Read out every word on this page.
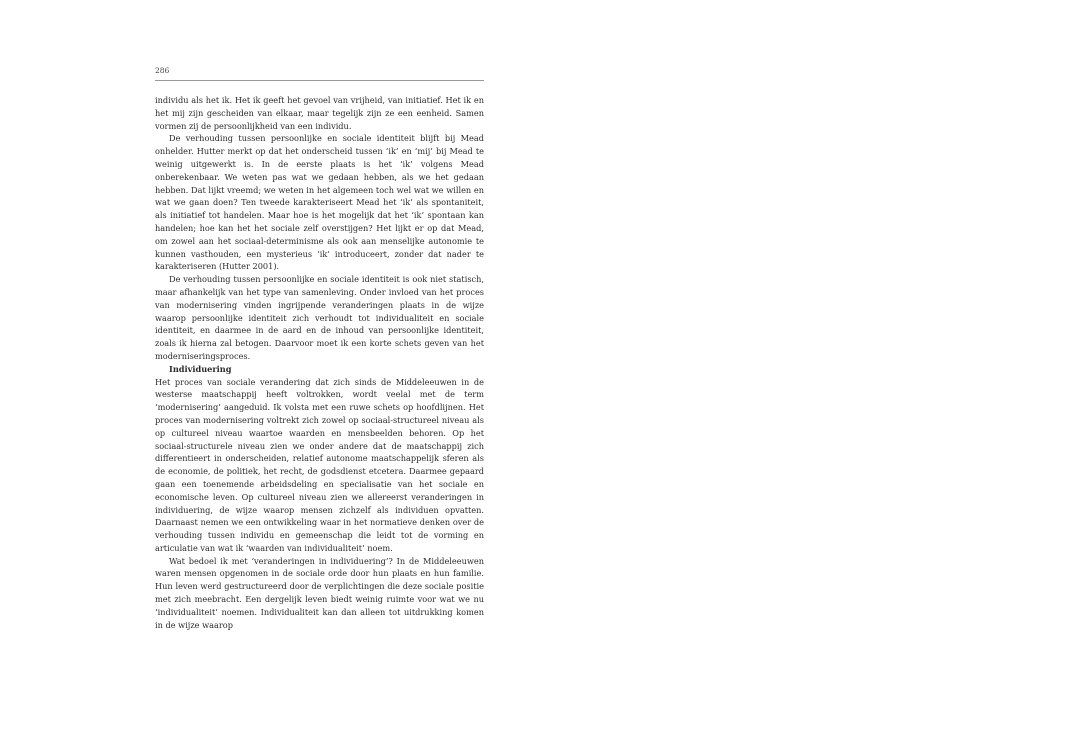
286

individu als het ik. Het ik geeft het gevoel van vrijheid, van initiatief. Het ik en het mij zijn gescheiden van elkaar, maar tegelijk zijn ze een eenheid. Samen vormen zij de persoonlijkheid van een individu.

De verhouding tussen persoonlijke en sociale identiteit blijft bij Mead onhelder. Hutter merkt op dat het onderscheid tussen ‘ik’ en ‘mij’ bij Mead te weinig uitgewerkt is. In de eerste plaats is het ‘ik’ volgens Mead onberekenbaar. We weten pas wat we gedaan hebben, als we het gedaan hebben. Dat lijkt vreemd; we weten in het algemeen toch wel wat we willen en wat we gaan doen? Ten tweede karakteriseert Mead het ‘ik’ als spontaniteit, als initiatief tot handelen. Maar hoe is het mogelijk dat het ‘ik’ spontaan kan handelen; hoe kan het het sociale zelf overstijgen? Het lijkt er op dat Mead, om zowel aan het sociaal-determinisme als ook aan menselijke autonomie te kunnen vasthouden, een mysterieus ‘ik’ introduceert, zonder dat nader te karakteriseren (Hutter 2001).

De verhouding tussen persoonlijke en sociale identiteit is ook niet statisch, maar afhankelijk van het type van samenleving. Onder invloed van het proces van modernisering vinden ingrijpende veranderingen plaats in de wijze waarop persoonlijke identiteit zich verhoudt tot individualiteit en sociale identiteit, en daarmee in de aard en de inhoud van persoonlijke identiteit, zoals ik hierna zal betogen. Daarvoor moet ik een korte schets geven van het moderniseringsproces.

Individuering

Het proces van sociale verandering dat zich sinds de Middeleeuwen in de westerse maatschappij heeft voltrokken, wordt veelal met de term ‘modernisering’ aangeduid. Ik volsta met een ruwe schets op hoofdlijnen. Het proces van modernisering voltrekt zich zowel op sociaal-structureel niveau als op cultureel niveau waartoe waarden en mensbeelden behoren. Op het sociaal-structurele niveau zien we onder andere dat de maatschappij zich differentieert in onderscheiden, relatief autonome maatschappelijk sferen als de economie, de politiek, het recht, de godsdienst etcetera. Daarmee gepaard gaan een toenemende arbeidsdeling en specialisatie van het sociale en economische leven. Op cultureel niveau zien we allereerst veranderingen in individuering, de wijze waarop mensen zichzelf als individuen opvatten. Daarnaast nemen we een ontwikkeling waar in het normatieve denken over de verhouding tussen individu en gemeenschap die leidt tot de vorming en articulatie van wat ik ‘waarden van individualiteit’ noem.

Wat bedoel ik met ‘veranderingen in individuering’? In de Middeleeuwen waren mensen opgenomen in de sociale orde door hun plaats en hun familie. Hun leven werd gestructureerd door de verplichtingen die deze sociale positie met zich meebracht. Een dergelijk leven biedt weinig ruimte voor wat we nu ‘individualiteit’ noemen. Individualiteit kan dan alleen tot uitdrukking komen in de wijze waarop
